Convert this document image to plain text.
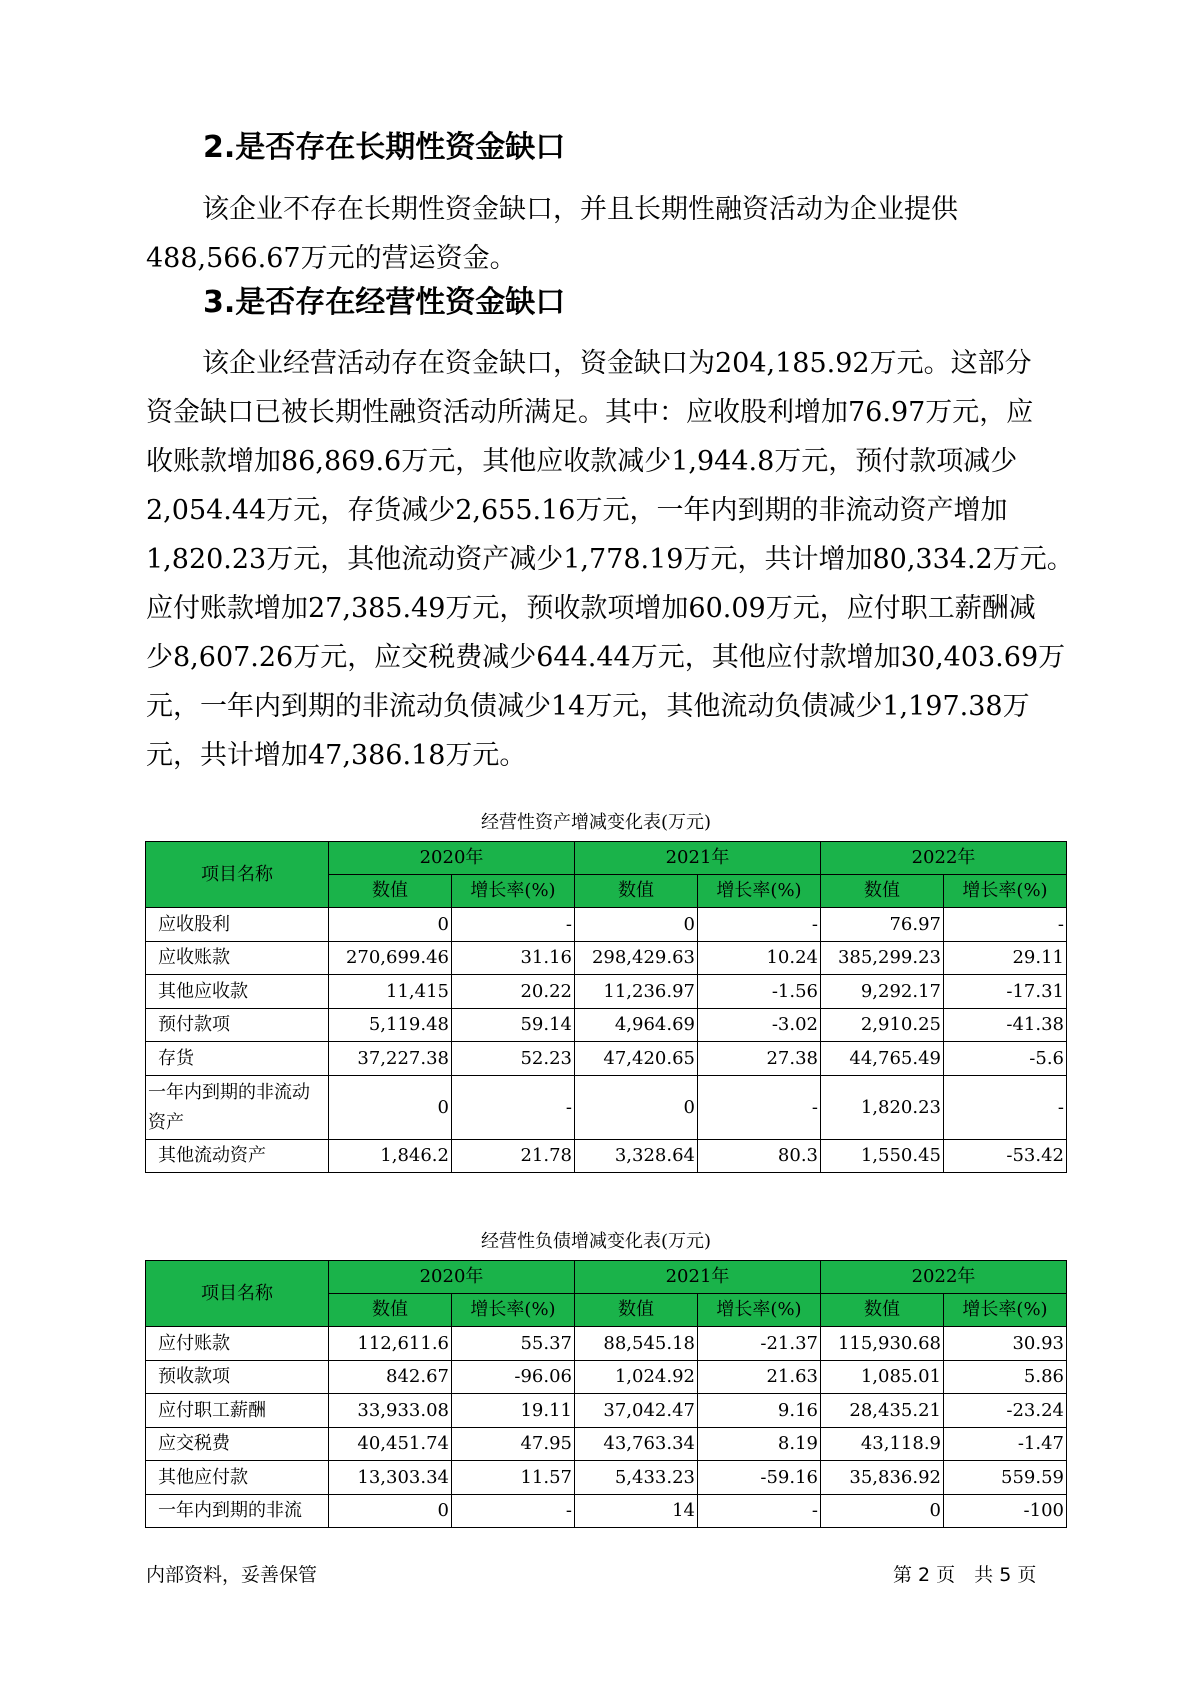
2.是否存在长期性资金缺口
该企业不存在长期性资金缺口，并且长期性融资活动为企业提供
488,566.67万元的营运资金。
3.是否存在经营性资金缺口
该企业经营活动存在资金缺口，资金缺口为204,185.92万元。这部分
资金缺口已被长期性融资活动所满足。其中：应收股利增加76.97万元，应
收账款增加86,869.6万元，其他应收款减少1,944.8万元，预付款项减少
2,054.44万元，存货减少2,655.16万元，一年内到期的非流动资产增加
1,820.23万元，其他流动资产减少1,778.19万元，共计增加80,334.2万元。
应付账款增加27,385.49万元，预收款项增加60.09万元，应付职工薪酬减
少8,607.26万元，应交税费减少644.44万元，其他应付款增加30,403.69万
元，一年内到期的非流动负债减少14万元，其他流动负债减少1,197.38万
元，共计增加47,386.18万元。
经营性资产增减变化表(万元)
项目名称	2020年		2021年		2022年	
	数值	增长率(%)	数值	增长率(%)	数值	增长率(%)
应收股利	0	-	0	-	76.97	-
应收账款	270,699.46	31.16	298,429.63	10.24	385,299.23	29.11
其他应收款	11,415	20.22	11,236.97	-1.56	9,292.17	-17.31
预付款项	5,119.48	59.14	4,964.69	-3.02	2,910.25	-41.38
存货	37,227.38	52.23	47,420.65	27.38	44,765.49	-5.6
一年内到期的非流动资产	0	-	0	-	1,820.23	-
其他流动资产	1,846.2	21.78	3,328.64	80.3	1,550.45	-53.42
经营性负债增减变化表(万元)
项目名称	2020年		2021年		2022年	
	数值	增长率(%)	数值	增长率(%)	数值	增长率(%)
应付账款	112,611.6	55.37	88,545.18	-21.37	115,930.68	30.93
预收款项	842.67	-96.06	1,024.92	21.63	1,085.01	5.86
应付职工薪酬	33,933.08	19.11	37,042.47	9.16	28,435.21	-23.24
应交税费	40,451.74	47.95	43,763.34	8.19	43,118.9	-1.47
其他应付款	13,303.34	11.57	5,433.23	-59.16	35,836.92	559.59
一年内到期的非流	0	-	14	-	0	-100
内部资料，妥善保管	第 2 页　共 5 页
